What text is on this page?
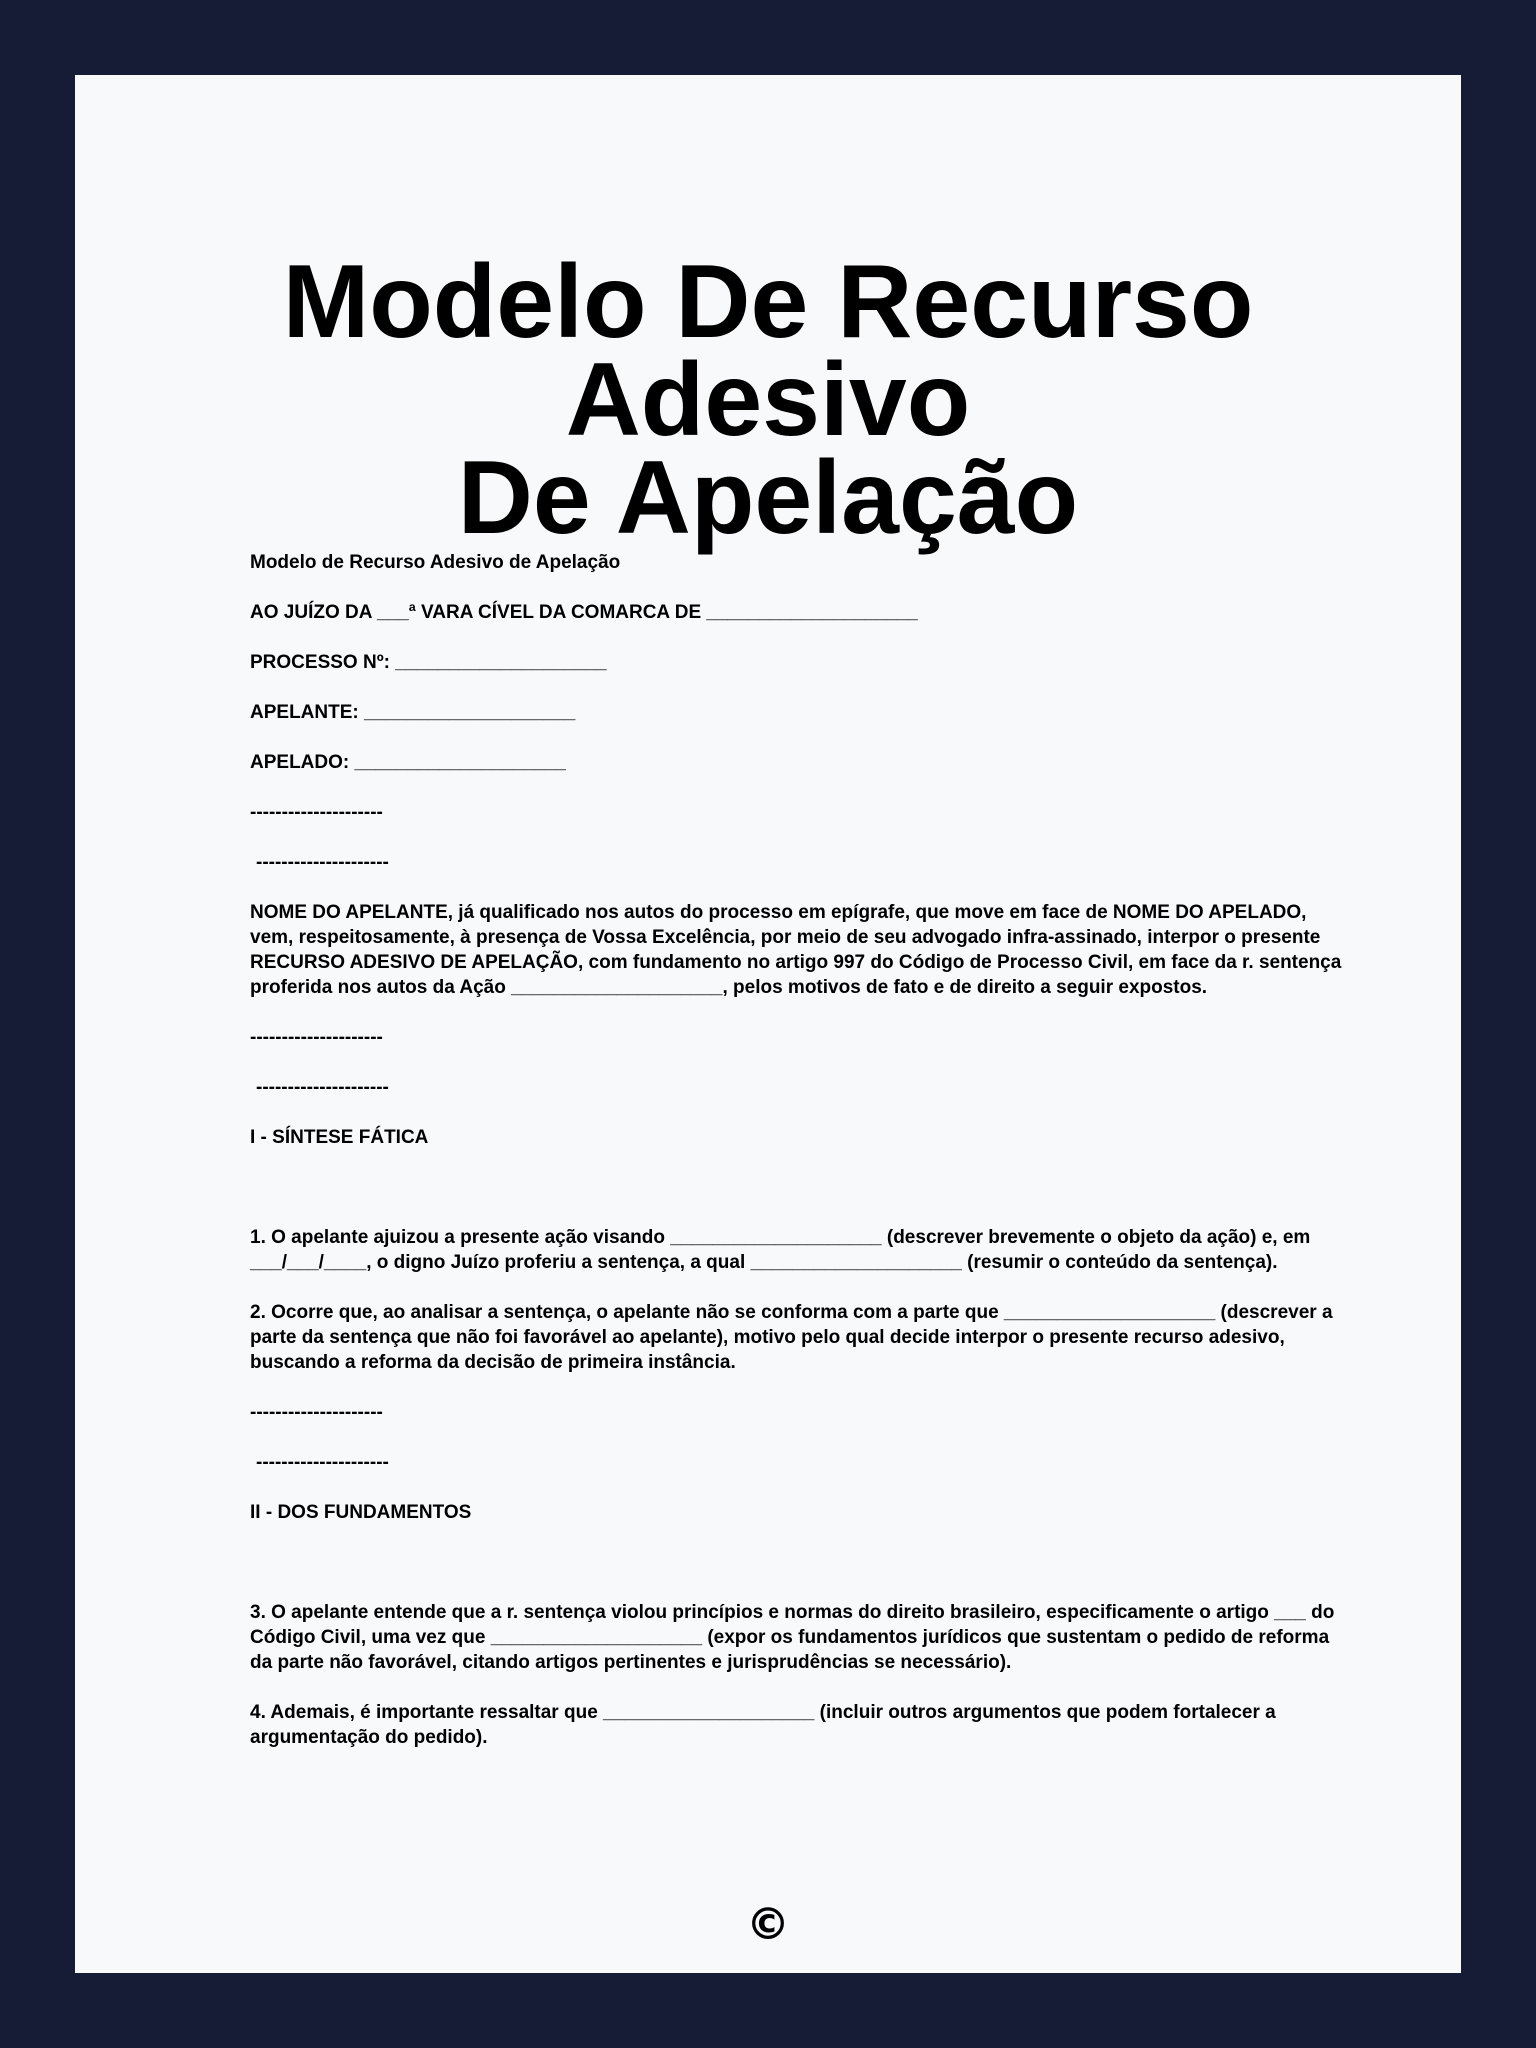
Modelo De Recurso Adesivo
De Apelação

Modelo de Recurso Adesivo de Apelação

AO JUÍZO DA ___ª VARA CÍVEL DA COMARCA DE ____________________

PROCESSO Nº: ____________________

APELANTE: ____________________

APELADO: ____________________

---------------------

---------------------

NOME DO APELANTE, já qualificado nos autos do processo em epígrafe, que move em face de NOME DO APELADO, vem, respeitosamente, à presença de Vossa Excelência, por meio de seu advogado infra-assinado, interpor o presente RECURSO ADESIVO DE APELAÇÃO, com fundamento no artigo 997 do Código de Processo Civil, em face da r. sentença proferida nos autos da Ação ____________________, pelos motivos de fato e de direito a seguir expostos.

---------------------

---------------------

I - SÍNTESE FÁTICA

1. O apelante ajuizou a presente ação visando ____________________ (descrever brevemente o objeto da ação) e, em ___/___/____, o digno Juízo proferiu a sentença, a qual ____________________ (resumir o conteúdo da sentença).

2. Ocorre que, ao analisar a sentença, o apelante não se conforma com a parte que ____________________ (descrever a parte da sentença que não foi favorável ao apelante), motivo pelo qual decide interpor o presente recurso adesivo, buscando a reforma da decisão de primeira instância.

---------------------

---------------------

II - DOS FUNDAMENTOS

3. O apelante entende que a r. sentença violou princípios e normas do direito brasileiro, especificamente o artigo ___ do Código Civil, uma vez que ____________________ (expor os fundamentos jurídicos que sustentam o pedido de reforma da parte não favorável, citando artigos pertinentes e jurisprudências se necessário).

4. Ademais, é importante ressaltar que ____________________ (incluir outros argumentos que podem fortalecer a argumentação do pedido).

©
